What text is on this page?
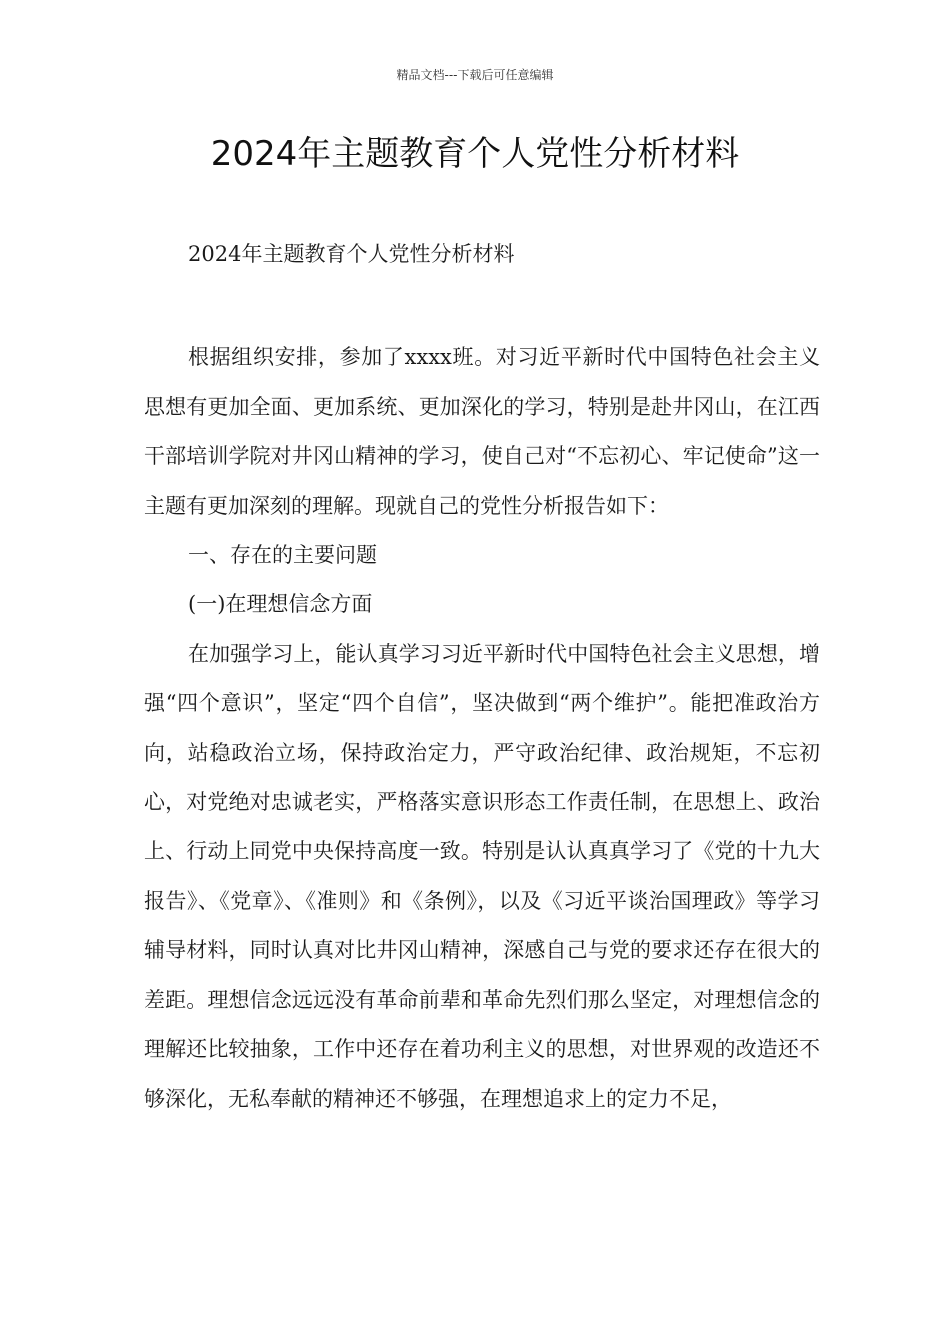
精品文档---下载后可任意编辑
2024年主题教育个人党性分析材料

2024年主题教育个人党性分析材料

根据组织安排，参加了xxxx班。对习近平新时代中国特色社会主义思想有更加全面、更加系统、更加深化的学习，特别是赴井冈山，在江西干部培训学院对井冈山精神的学习，使自己对“不忘初心、牢记使命”这一主题有更加深刻的理解。现就自己的党性分析报告如下：

一、存在的主要问题

(一)在理想信念方面

在加强学习上，能认真学习习近平新时代中国特色社会主义思想，增强“四个意识”，坚定“四个自信”，坚决做到“两个维护”。能把准政治方向，站稳政治立场，保持政治定力，严守政治纪律、政治规矩，不忘初心，对党绝对忠诚老实，严格落实意识形态工作责任制，在思想上、政治上、行动上同党中央保持高度一致。特别是认认真真学习了《党的十九大报告》、《党章》、《准则》和《条例》，以及《习近平谈治国理政》等学习辅导材料，同时认真对比井冈山精神，深感自己与党的要求还存在很大的差距。理想信念远远没有革命前辈和革命先烈们那么坚定，对理想信念的理解还比较抽象，工作中还存在着功利主义的思想，对世界观的改造还不够深化，无私奉献的精神还不够强，在理想追求上的定力不足，
